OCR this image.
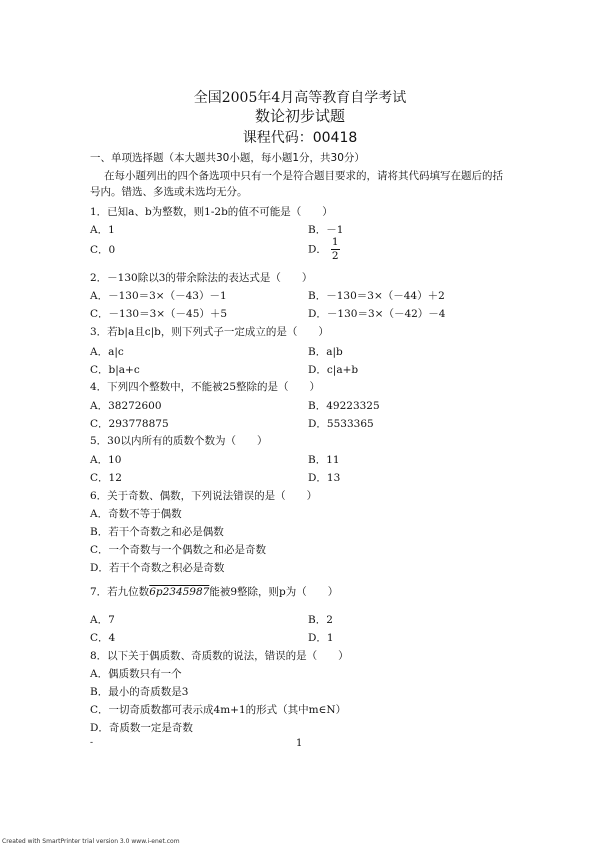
全国2005年4月高等教育自学考试
数论初步试题
课程代码：00418
一、单项选择题（本大题共30小题，每小题1分，共30分）
在每小题列出的四个备选项中只有一个是符合题目要求的，请将其代码填写在题后的括
号内。错选、多选或未选均无分。
1．已知a、b为整数，则1-2b的值不可能是（　　）
A．1	B．－1
C．0	D． $\frac{1}{2}$
2．－130除以3的带余除法的表达式是（　　）
A．－130＝3×（－43）－1	B．－130＝3×（－44）＋2
C．－130＝3×（－45）＋5	D．－130＝3×（－42）－4
3．若b|a且c|b，则下列式子一定成立的是（　　）
A．a|c	B．a|b
C．b|a+c	D．c|a+b
4．下列四个整数中，不能被25整除的是（　　）
A．38272600	B．49223325
C．293778875	D．5533365
5．30以内所有的质数个数为（　　）
A．10	B．11
C．12	D．13
6．关于奇数、偶数，下列说法错误的是（　　）
A．奇数不等于偶数
B．若干个奇数之和必是偶数
C．一个奇数与一个偶数之和必是奇数
D．若干个奇数之积必是奇数
7．若九位数6p2345987能被9整除，则p为（　　）
A．7	B．2
C．4	D．1
8．以下关于偶质数、奇质数的说法，错误的是（　　）
A．偶质数只有一个
B．最小的奇质数是3
C．一切奇质数都可表示成4m+1的形式（其中m∈N）
D．奇质数一定是奇数
-	1
Created with SmartPrinter trial version 3.0 www.i-enet.com
